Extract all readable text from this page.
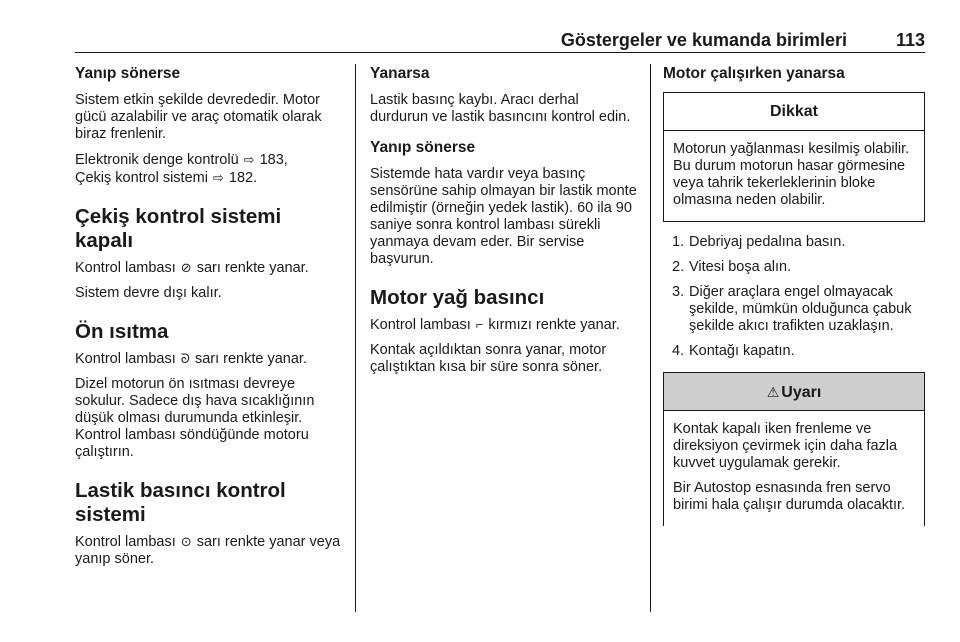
Göstergeler ve kumanda birimleri	113
Yanıp sönerse
Sistem etkin şekilde devrededir. Motor gücü azalabilir ve araç otomatik olarak biraz frenlenir.
Elektronik denge kontrolü ⇨ 183,
Çekiş kontrol sistemi ⇨ 182.
Çekiş kontrol sistemi kapalı
Kontrol lambası ⊘ sarı renkte yanar.
Sistem devre dışı kalır.
Ön ısıtma
Kontrol lambası ᘐ sarı renkte yanar.
Dizel motorun ön ısıtması devreye sokulur. Sadece dış hava sıcaklığının düşük olması durumunda etkinleşir. Kontrol lambası söndüğünde motoru çalıştırın.
Lastik basıncı kontrol sistemi
Kontrol lambası ⊙ sarı renkte yanar veya yanıp söner.
Yanarsa
Lastik basınç kaybı. Aracı derhal durdurun ve lastik basıncını kontrol edin.
Yanıp sönerse
Sistemde hata vardır veya basınç sensörüne sahip olmayan bir lastik monte edilmiştir (örneğin yedek lastik). 60 ila 90 saniye sonra kontrol lambası sürekli yanmaya devam eder. Bir servise başvurun.
Motor yağ basıncı
Kontrol lambası ⌐ kırmızı renkte yanar.
Kontak açıldıktan sonra yanar, motor çalıştıktan kısa bir süre sonra söner.
Motor çalışırken yanarsa
Dikkat
Motorun yağlanması kesilmiş olabilir. Bu durum motorun hasar görmesine veya tahrik tekerleklerinin bloke olmasına neden olabilir.
1. Debriyaj pedalına basın.
2. Vitesi boşa alın.
3. Diğer araçlara engel olmayacak şekilde, mümkün olduğunca çabuk şekilde akıcı trafikten uzaklaşın.
4. Kontağı kapatın.
⚠ Uyarı
Kontak kapalı iken frenleme ve direksiyon çevirmek için daha fazla kuvvet uygulamak gerekir.
Bir Autostop esnasında fren servo birimi hala çalışır durumda olacaktır.
